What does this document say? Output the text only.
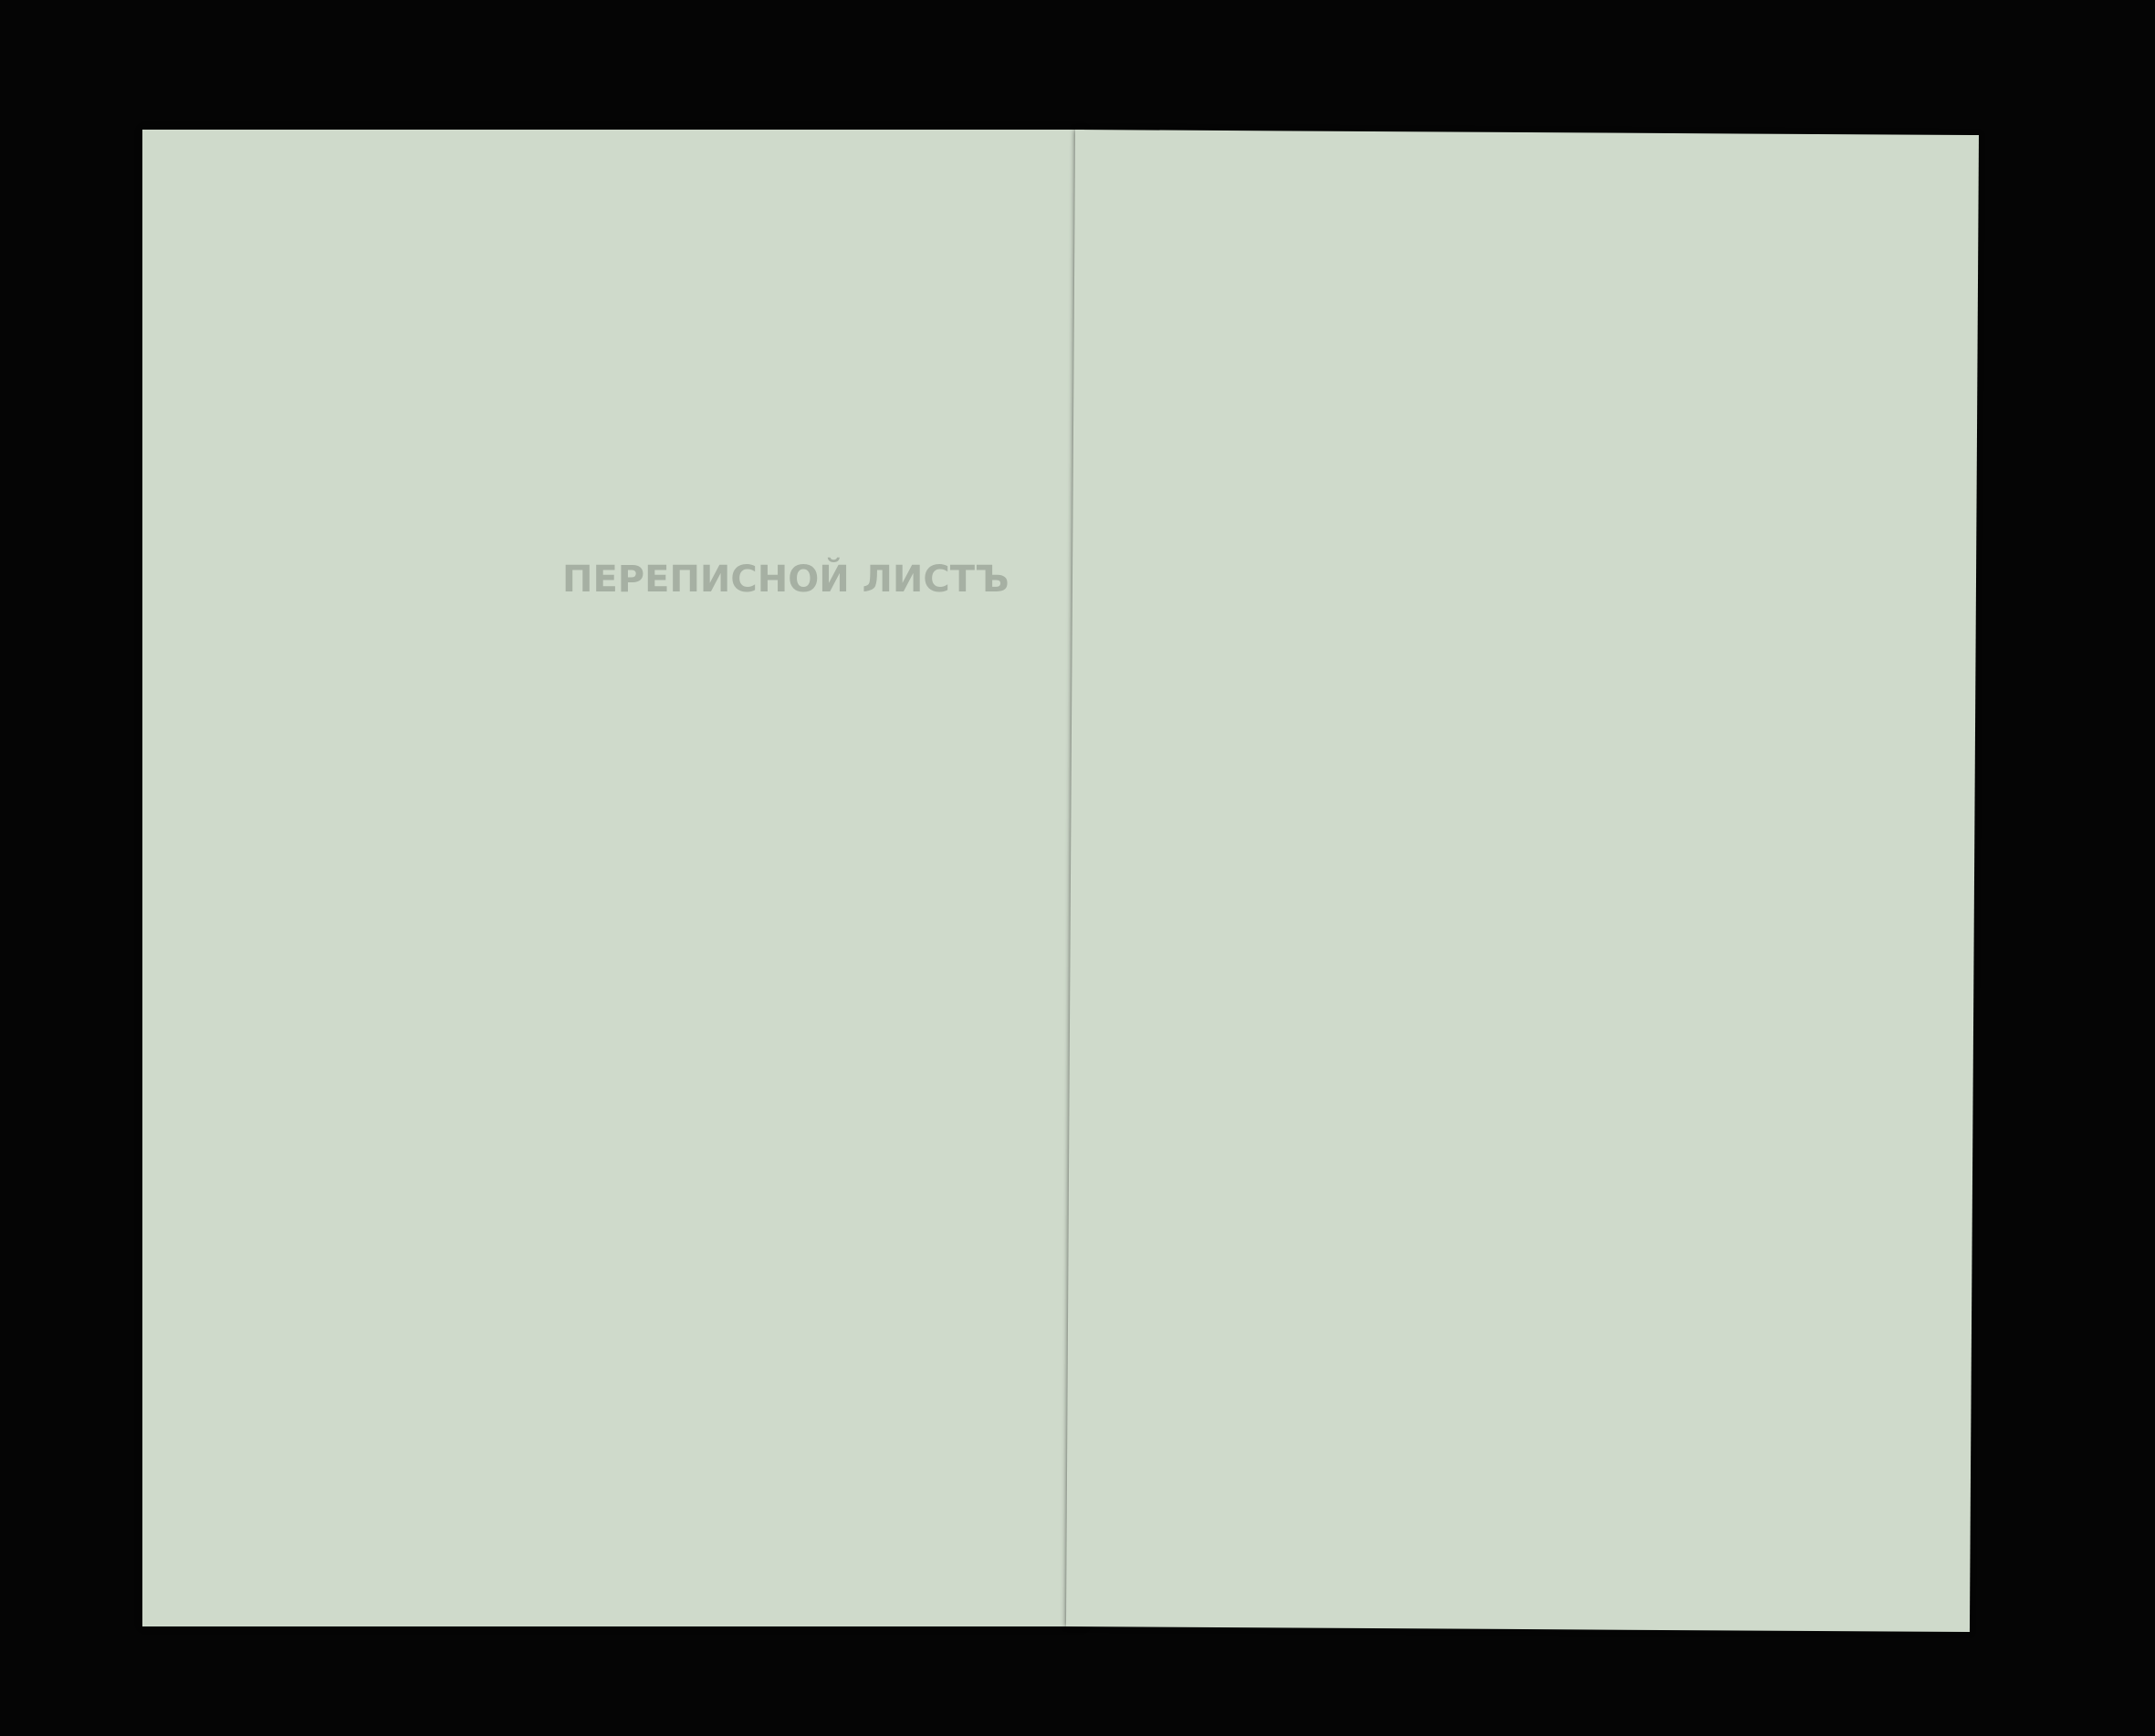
ПЕРЕПИСНОЙ ЛИСТЪ
